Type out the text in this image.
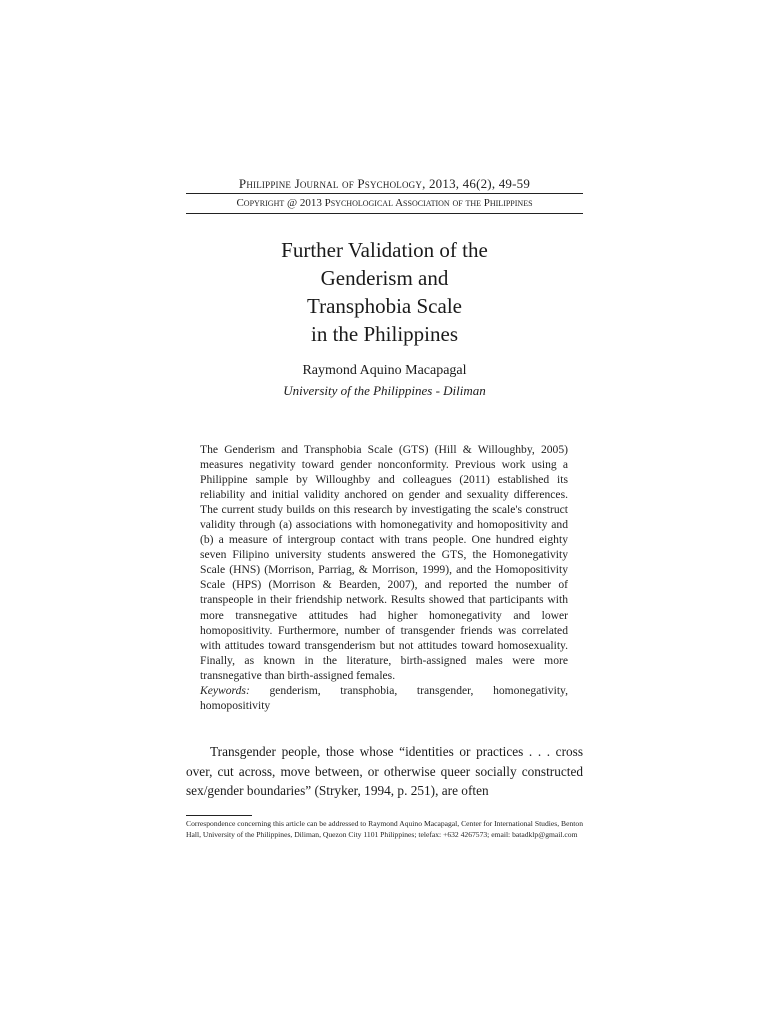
Philippine Journal of Psychology, 2013, 46(2), 49-59
Copyright @ 2013 Psychological Association of the Philippines
Further Validation of the
Genderism and
Transphobia Scale
in the Philippines
Raymond Aquino Macapagal
University of the Philippines - Diliman
The Genderism and Transphobia Scale (GTS) (Hill & Willoughby, 2005) measures negativity toward gender nonconformity. Previous work using a Philippine sample by Willoughby and colleagues (2011) established its reliability and initial validity anchored on gender and sexuality differences. The current study builds on this research by investigating the scale's construct validity through (a) associations with homonegativity and homopositivity and (b) a measure of intergroup contact with trans people. One hundred eighty seven Filipino university students answered the GTS, the Homonegativity Scale (HNS) (Morrison, Parriag, & Morrison, 1999), and the Homopositivity Scale (HPS) (Morrison & Bearden, 2007), and reported the number of transpeople in their friendship network. Results showed that participants with more transnegative attitudes had higher homonegativity and lower homopositivity. Furthermore, number of transgender friends was correlated with attitudes toward transgenderism but not attitudes toward homosexuality. Finally, as known in the literature, birth-assigned males were more transnegative than birth-assigned females.
Keywords: genderism, transphobia, transgender, homonegativity, homopositivity
Transgender people, those whose “identities or practices . . . cross over, cut across, move between, or otherwise queer socially constructed sex/gender boundaries” (Stryker, 1994, p. 251), are often
Correspondence concerning this article can be addressed to Raymond Aquino Macapagal, Center for International Studies, Benton Hall, University of the Philippines, Diliman, Quezon City 1101 Philippines; telefax: +632 4267573; email: batadklp@gmail.com
